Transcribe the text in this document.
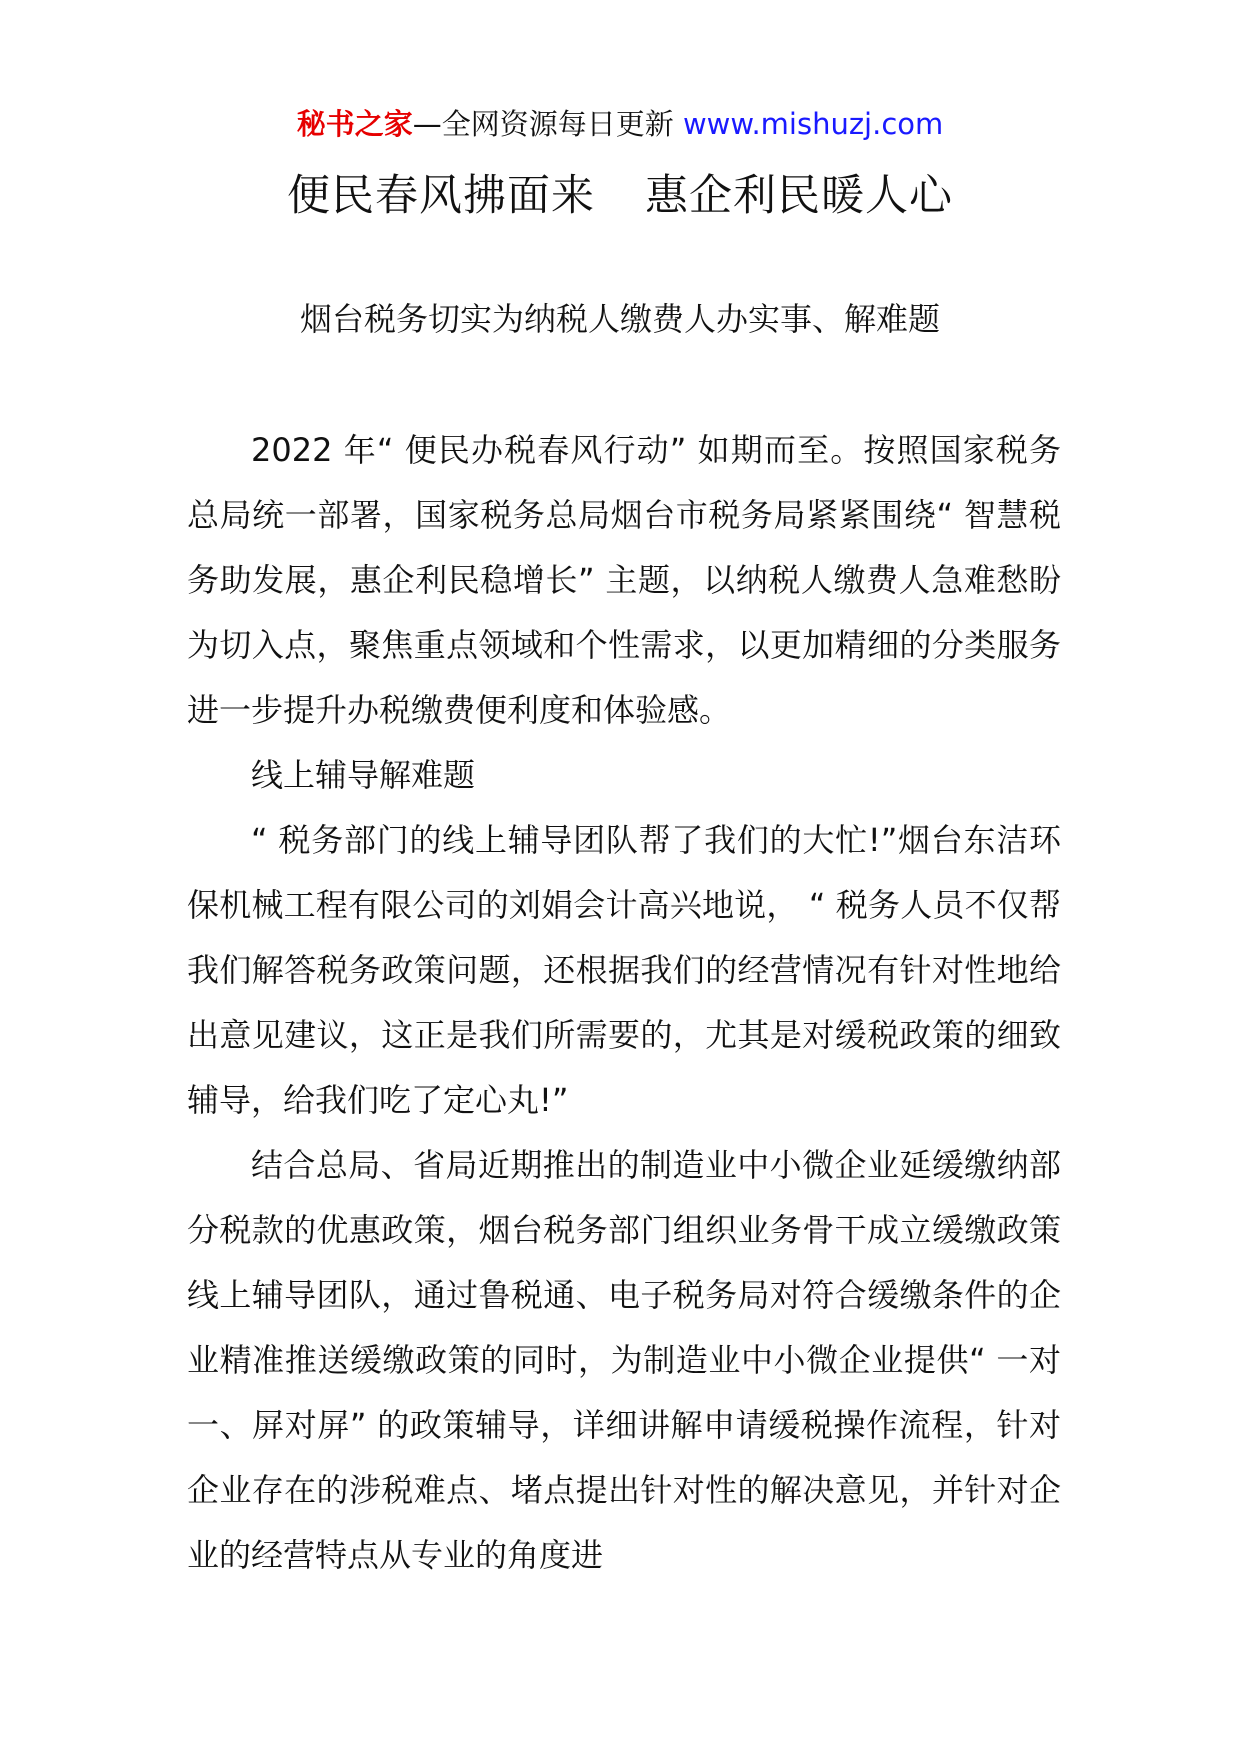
秘书之家—全网资源每日更新 www.mishuzj.com
便民春风拂面来 惠企利民暖人心
烟台税务切实为纳税人缴费人办实事、解难题

2022 年“ 便民办税春风行动” 如期而至。按照国家税务总局统一部署，国家税务总局烟台市税务局紧紧围绕“ 智慧税务助发展，惠企利民稳增长” 主题，以纳税人缴费人急难愁盼为切入点，聚焦重点领域和个性需求，以更加精细的分类服务进一步提升办税缴费便利度和体验感。

线上辅导解难题

“ 税务部门的线上辅导团队帮了我们的大忙!”烟台东洁环保机械工程有限公司的刘娟会计高兴地说， “ 税务人员不仅帮我们解答税务政策问题，还根据我们的经营情况有针对性地给出意见建议，这正是我们所需要的，尤其是对缓税政策的细致辅导，给我们吃了定心丸!”

结合总局、省局近期推出的制造业中小微企业延缓缴纳部分税款的优惠政策，烟台税务部门组织业务骨干成立缓缴政策线上辅导团队，通过鲁税通、电子税务局对符合缓缴条件的企业精准推送缓缴政策的同时，为制造业中小微企业提供“ 一对一、屏对屏” 的政策辅导，详细讲解申请缓税操作流程，针对企业存在的涉税难点、堵点提出针对性的解决意见，并针对企业的经营特点从专业的角度进
